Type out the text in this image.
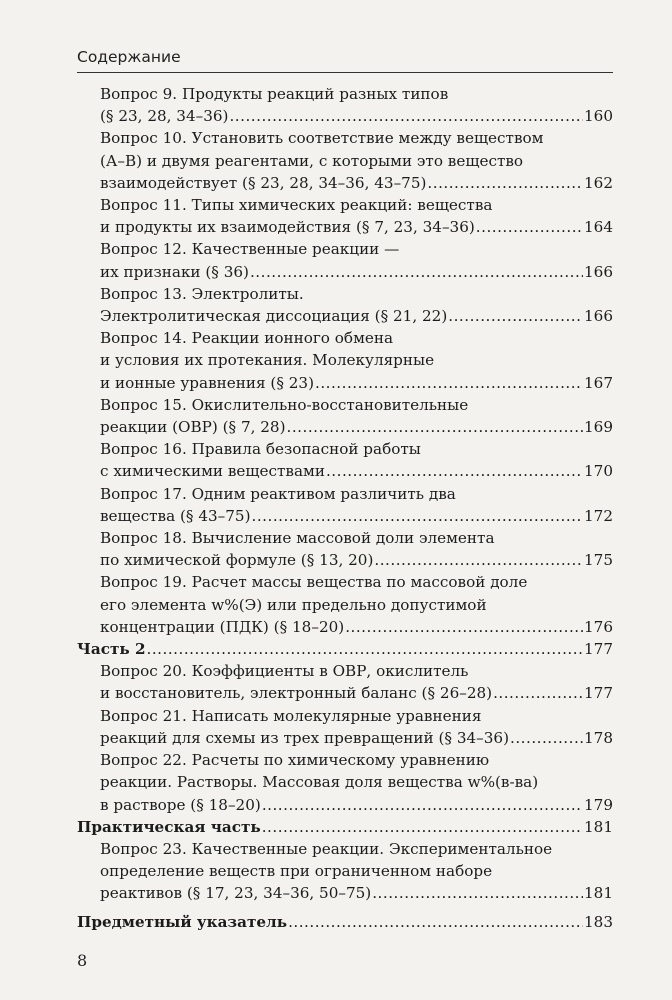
Содержание
Вопрос 9. Продукты реакций разных типов
(§ 23, 28, 34–36) .....	160
Вопрос 10. Установить соответствие между веществом
(А–В) и двумя реагентами, с которыми это вещество
взаимодействует (§ 23, 28, 34–36, 43–75) .....	162
Вопрос 11. Типы химических реакций: вещества
и продукты их взаимодействия (§ 7, 23, 34–36) .....	164
Вопрос 12. Качественные реакции —
их признаки (§ 36) .....	166
Вопрос 13. Электролиты.
Электролитическая диссоциация (§ 21, 22) .....	166
Вопрос 14. Реакции ионного обмена
и условия их протекания. Молекулярные
и ионные уравнения (§ 23) .....	167
Вопрос 15. Окислительно-восстановительные
реакции (ОВР) (§ 7, 28) .....	169
Вопрос 16. Правила безопасной работы
с химическими веществами .....	170
Вопрос 17. Одним реактивом различить два
вещества (§ 43–75) .....	172
Вопрос 18. Вычисление массовой доли элемента
по химической формуле (§ 13, 20) .....	175
Вопрос 19. Расчет массы вещества по массовой доле
его элемента w%(Э) или предельно допустимой
концентрации (ПДК) (§ 18–20) .....	176
Часть 2 .....	177
Вопрос 20. Коэффициенты в ОВР, окислитель
и восстановитель, электронный баланс (§ 26–28) .....	177
Вопрос 21. Написать молекулярные уравнения
реакций для схемы из трех превращений (§ 34–36) .....	178
Вопрос 22. Расчеты по химическому уравнению
реакции. Растворы. Массовая доля вещества w%(в-ва)
в растворе (§ 18–20) .....	179
Практическая часть .....	181
Вопрос 23. Качественные реакции. Экспериментальное
определение веществ при ограниченном наборе
реактивов (§ 17, 23, 34–36, 50–75) .....	181
Предметный указатель .....	183
8
